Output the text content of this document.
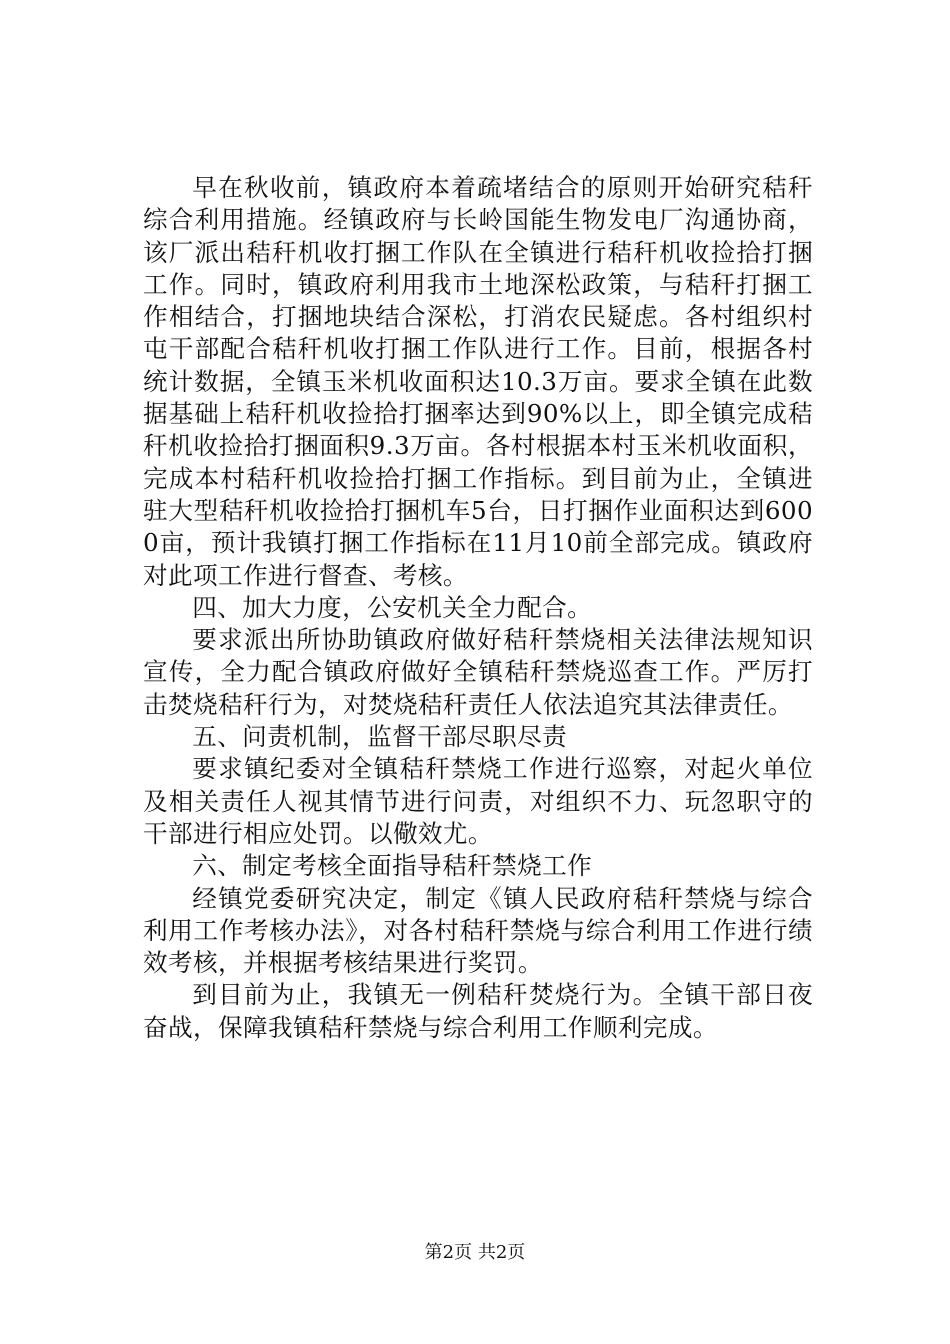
早在秋收前，镇政府本着疏堵结合的原则开始研究秸秆综合利用措施。经镇政府与长岭国能生物发电厂沟通协商，该厂派出秸秆机收打捆工作队在全镇进行秸秆机收捡拾打捆工作。同时，镇政府利用我市土地深松政策，与秸秆打捆工作相结合，打捆地块结合深松，打消农民疑虑。各村组织村屯干部配合秸秆机收打捆工作队进行工作。目前，根据各村统计数据，全镇玉米机收面积达10.3万亩。要求全镇在此数据基础上秸秆机收捡拾打捆率达到90%以上，即全镇完成秸秆机收捡拾打捆面积9.3万亩。各村根据本村玉米机收面积，完成本村秸秆机收捡拾打捆工作指标。到目前为止，全镇进驻大型秸秆机收捡拾打捆机车5台，日打捆作业面积达到6000亩，预计我镇打捆工作指标在11月10前全部完成。镇政府对此项工作进行督查、考核。

四、加大力度，公安机关全力配合。

要求派出所协助镇政府做好秸秆禁烧相关法律法规知识宣传，全力配合镇政府做好全镇秸秆禁烧巡查工作。严厉打击焚烧秸秆行为，对焚烧秸秆责任人依法追究其法律责任。

五、问责机制，监督干部尽职尽责

要求镇纪委对全镇秸秆禁烧工作进行巡察，对起火单位及相关责任人视其情节进行问责，对组织不力、玩忽职守的干部进行相应处罚。以儆效尤。

六、制定考核全面指导秸秆禁烧工作

经镇党委研究决定，制定《镇人民政府秸秆禁烧与综合利用工作考核办法》，对各村秸秆禁烧与综合利用工作进行绩效考核，并根据考核结果进行奖罚。

到目前为止，我镇无一例秸秆焚烧行为。全镇干部日夜奋战，保障我镇秸秆禁烧与综合利用工作顺利完成。

第2页 共2页
